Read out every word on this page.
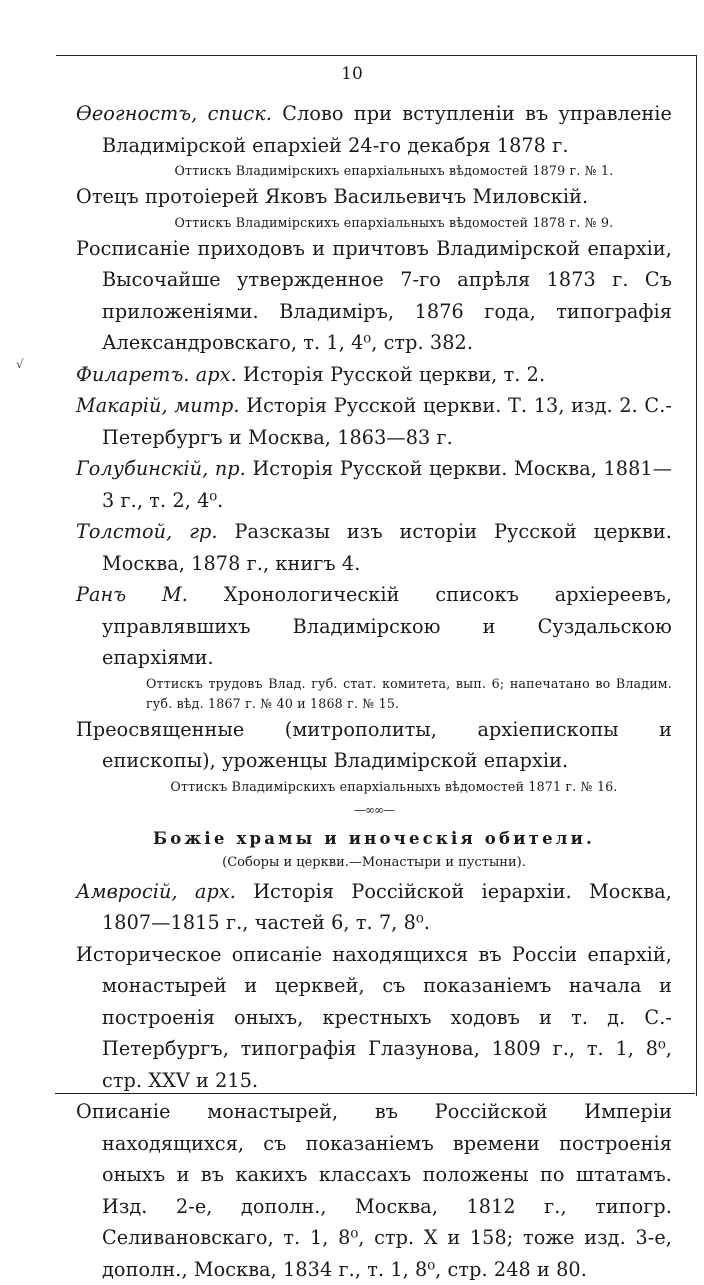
√
10
Өеогностъ, списк. Слово при вступленіи въ управленіе Владимірской епархіей 24-го декабря 1878 г.
Оттискъ Владимірскихъ епархіальныхъ вѣдомостей 1879 г. № 1.
Отецъ протоіерей Яковъ Васильевичъ Миловскій.
Оттискъ Владимірскихъ епархіальныхъ вѣдомостей 1878 г. № 9.
Росписаніе приходовъ и причтовъ Владимірской епархіи, Высочайше утвержденное 7-го апрѣля 1873 г. Съ приложеніями. Владиміръ, 1876 года, типографія Александровскаго, т. 1, 4⁰, стр. 382.
Филаретъ. арх. Исторія Русской церкви, т. 2.
Макарій, митр. Исторія Русской церкви. Т. 13, изд. 2. С.-Петербургъ и Москва, 1863—83 г.
Голубинскій, пр. Исторія Русской церкви. Москва, 1881—3 г., т. 2, 4⁰.
Толстой, гр. Разсказы изъ исторіи Русской церкви. Москва, 1878 г., книгъ 4.
Ранъ М. Хронологическій списокъ архіереевъ, управлявшихъ Владимірскою и Суздальскою епархіями.
Оттискъ трудовъ Влад. губ. стат. комитета, вып. 6; напечатано во Владим. губ. вѣд. 1867 г. № 40 и 1868 г. № 15.
Преосвященные (митрополиты, архіепископы и епископы), уроженцы Владимірской епархіи.
Оттискъ Владимірскихъ епархіальныхъ вѣдомостей 1871 г. № 16.
—∞∞—
Божіе храмы и иноческія обители.
(Соборы и церкви.—Монастыри и пустыни).
Амвросій, арх. Исторія Россійской іерархіи. Москва, 1807—1815 г., частей 6, т. 7, 8⁰.
Историческое описаніе находящихся въ Россіи епархій, монастырей и церквей, съ показаніемъ начала и построенія оныхъ, крестныхъ ходовъ и т. д. С.-Петербургъ, типографія Глазунова, 1809 г., т. 1, 8⁰, стр. XXV и 215.
Описаніе монастырей, въ Россійской Имперіи находящихся, съ показаніемъ времени построенія оныхъ и въ какихъ классахъ положены по штатамъ. Изд. 2-е, дополн., Москва, 1812 г., типогр. Селивановскаго, т. 1, 8⁰, стр. X и 158; тоже изд. 3-е, дополн., Москва, 1834 г., т. 1, 8⁰, стр. 248 и 80.
